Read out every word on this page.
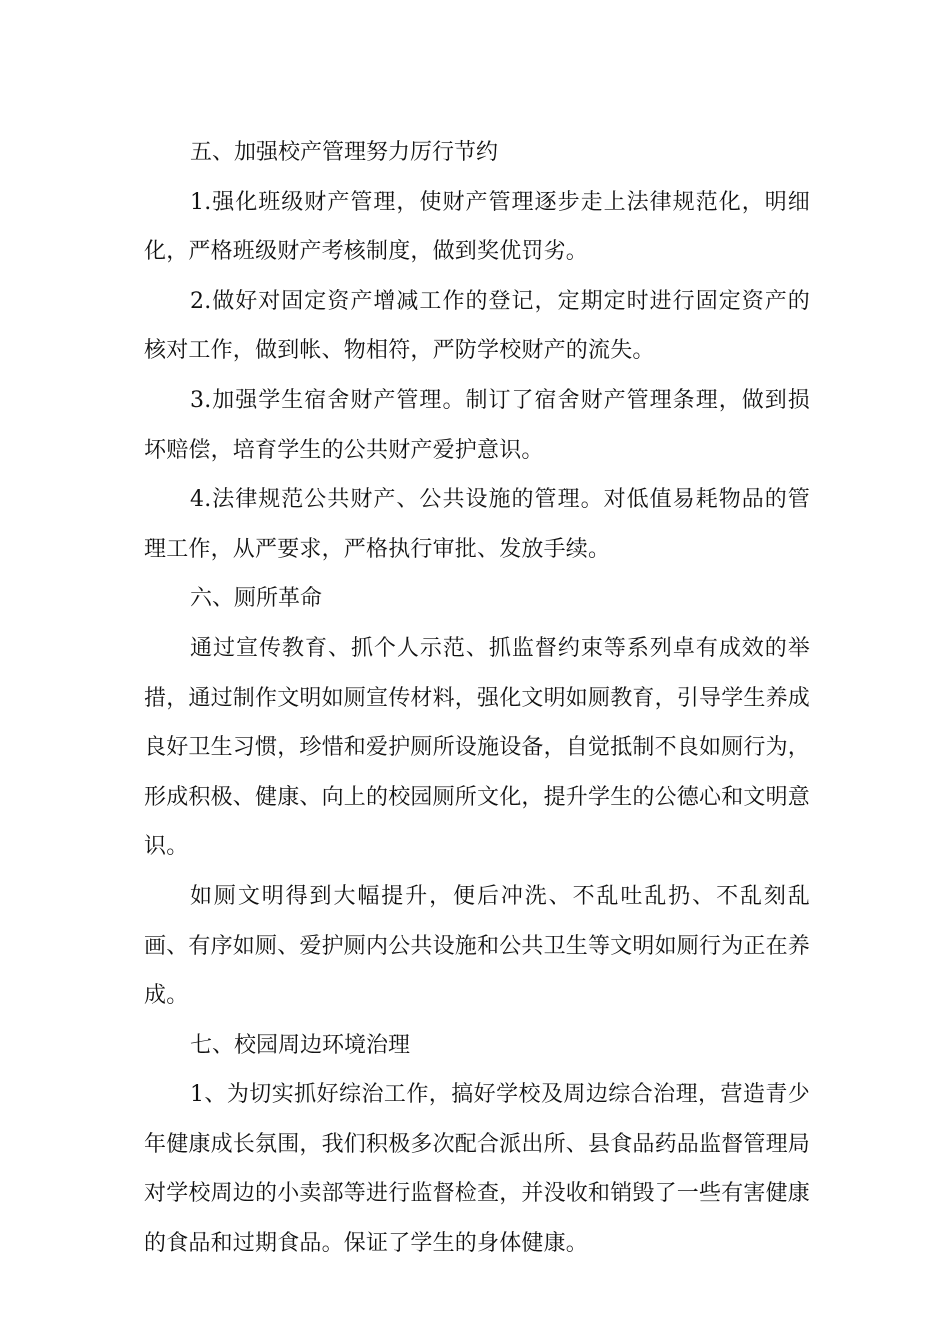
五、加强校产管理努力厉行节约

1.强化班级财产管理，使财产管理逐步走上法律规范化，明细化，严格班级财产考核制度，做到奖优罚劣。

2.做好对固定资产增减工作的登记，定期定时进行固定资产的核对工作，做到帐、物相符，严防学校财产的流失。

3.加强学生宿舍财产管理。制订了宿舍财产管理条理，做到损坏赔偿，培育学生的公共财产爱护意识。

4.法律规范公共财产、公共设施的管理。对低值易耗物品的管理工作，从严要求，严格执行审批、发放手续。

六、厕所革命

通过宣传教育、抓个人示范、抓监督约束等系列卓有成效的举措，通过制作文明如厕宣传材料，强化文明如厕教育，引导学生养成良好卫生习惯，珍惜和爱护厕所设施设备，自觉抵制不良如厕行为，形成积极、健康、向上的校园厕所文化，提升学生的公德心和文明意识。

如厕文明得到大幅提升，便后冲洗、不乱吐乱扔、不乱刻乱画、有序如厕、爱护厕内公共设施和公共卫生等文明如厕行为正在养成。

七、校园周边环境治理

1、为切实抓好综治工作，搞好学校及周边综合治理，营造青少年健康成长氛围，我们积极多次配合派出所、县食品药品监督管理局对学校周边的小卖部等进行监督检查，并没收和销毁了一些有害健康的食品和过期食品。保证了学生的身体健康。
